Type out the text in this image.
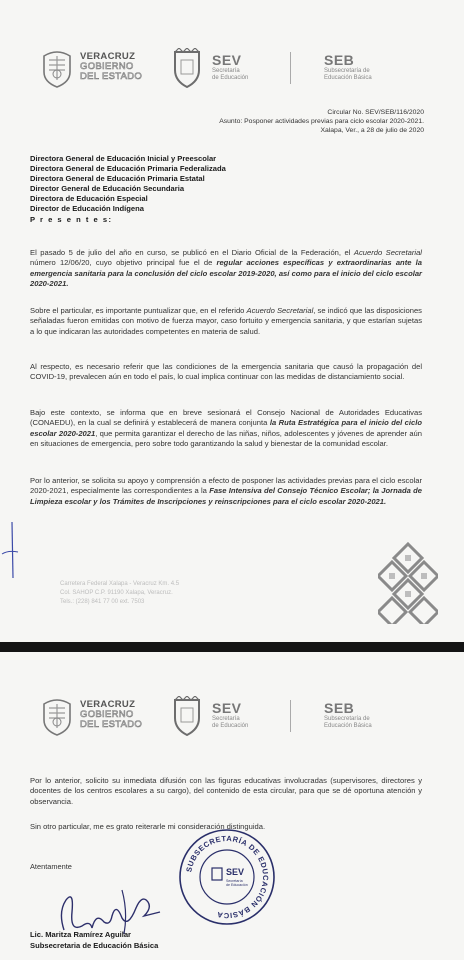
VERACRUZ
GOBIERNO
DEL ESTADO
SEV
Secretaría
de Educación
SEB
Subsecretaría de
Educación Básica
Circular No. SEV/SEB/116/2020
Asunto: Posponer actividades previas para ciclo escolar 2020-2021.
Xalapa, Ver., a 28 de julio de 2020
Directora General de Educación Inicial y Preescolar
Directora General de Educación Primaria Federalizada
Directora General de Educación Primaria Estatal
Director General de Educación Secundaria
Directora de Educación Especial
Director de Educación Indígena
P r e s e n t e s:
El pasado 5 de julio del año en curso, se publicó en el Diario Oficial de la Federación, el Acuerdo Secretarial número 12/06/20, cuyo objetivo principal fue el de regular acciones específicas y extraordinarias ante la emergencia sanitaria para la conclusión del ciclo escolar 2019-2020, así como para el inicio del ciclo escolar 2020-2021.
Sobre el particular, es importante puntualizar que, en el referido Acuerdo Secretarial, se indicó que las disposiciones señaladas fueron emitidas con motivo de fuerza mayor, caso fortuito y emergencia sanitaria, y que estarían sujetas a lo que indicaran las autoridades competentes en materia de salud.
Al respecto, es necesario referir que las condiciones de la emergencia sanitaria que causó la propagación del COVID-19, prevalecen aún en todo el país, lo cual implica continuar con las medidas de distanciamiento social.
Bajo este contexto, se informa que en breve sesionará el Consejo Nacional de Autoridades Educativas (CONAEDU), en la cual se definirá y establecerá de manera conjunta la Ruta Estratégica para el inicio del ciclo escolar 2020-2021, que permita garantizar el derecho de las niñas, niños, adolescentes y jóvenes de aprender aún en situaciones de emergencia, pero sobre todo garantizando la salud y bienestar de la comunidad escolar.
Por lo anterior, se solicita su apoyo y comprensión a efecto de posponer las actividades previas para el ciclo escolar 2020-2021, especialmente las correspondientes a la Fase Intensiva del Consejo Técnico Escolar; la Jornada de Limpieza escolar y los Trámites de Inscripciones y reinscripciones para el ciclo escolar 2020-2021.
Carretera Federal Xalapa - Veracruz Km. 4.5
Col. SAHOP C.P. 91190 Xalapa, Veracruz.
Tels.: (228) 841 77 00 ext. 7503
VERACRUZ
GOBIERNO
DEL ESTADO
SEV
Secretaría
de Educación
SEB
Subsecretaría de
Educación Básica
Por lo anterior, solicito su inmediata difusión con las figuras educativas involucradas (supervisores, directores y docentes de los centros escolares a su cargo), del contenido de esta circular, para que se dé oportuna atención y observancia.
Sin otro particular, me es grato reiterarle mi consideración distinguida.
Atentamente
Lic. Maritza Ramírez Aguilar
Subsecretaria de Educación Básica
SUBSECRETARÍA DE EDUCACIÓN BÁSICA
SEV
Secretaría
de Educación
